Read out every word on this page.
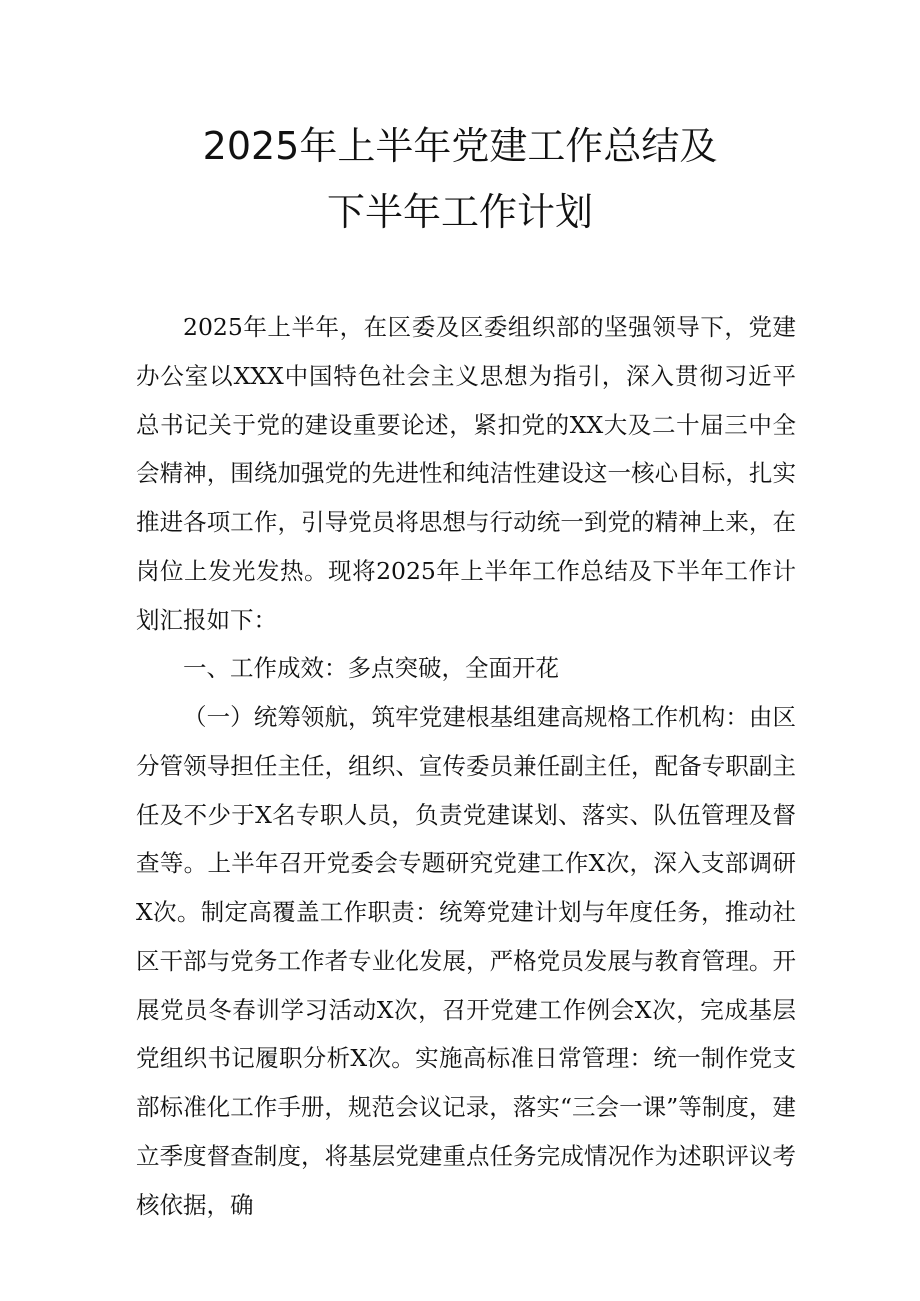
2025年上半年党建工作总结及
下半年工作计划

2025年上半年，在区委及区委组织部的坚强领导下，党建办公室以XXX中国特色社会主义思想为指引，深入贯彻习近平总书记关于党的建设重要论述，紧扣党的XX大及二十届三中全会精神，围绕加强党的先进性和纯洁性建设这一核心目标，扎实推进各项工作，引导党员将思想与行动统一到党的精神上来，在岗位上发光发热。现将2025年上半年工作总结及下半年工作计划汇报如下：

一、工作成效：多点突破，全面开花

（一）统筹领航，筑牢党建根基组建高规格工作机构：由区分管领导担任主任，组织、宣传委员兼任副主任，配备专职副主任及不少于X名专职人员，负责党建谋划、落实、队伍管理及督查等。上半年召开党委会专题研究党建工作X次，深入支部调研X次。制定高覆盖工作职责：统筹党建计划与年度任务，推动社区干部与党务工作者专业化发展，严格党员发展与教育管理。开展党员冬春训学习活动X次，召开党建工作例会X次，完成基层党组织书记履职分析X次。实施高标准日常管理：统一制作党支部标准化工作手册，规范会议记录，落实“三会一课”等制度，建立季度督查制度，将基层党建重点任务完成情况作为述职评议考核依据，确
